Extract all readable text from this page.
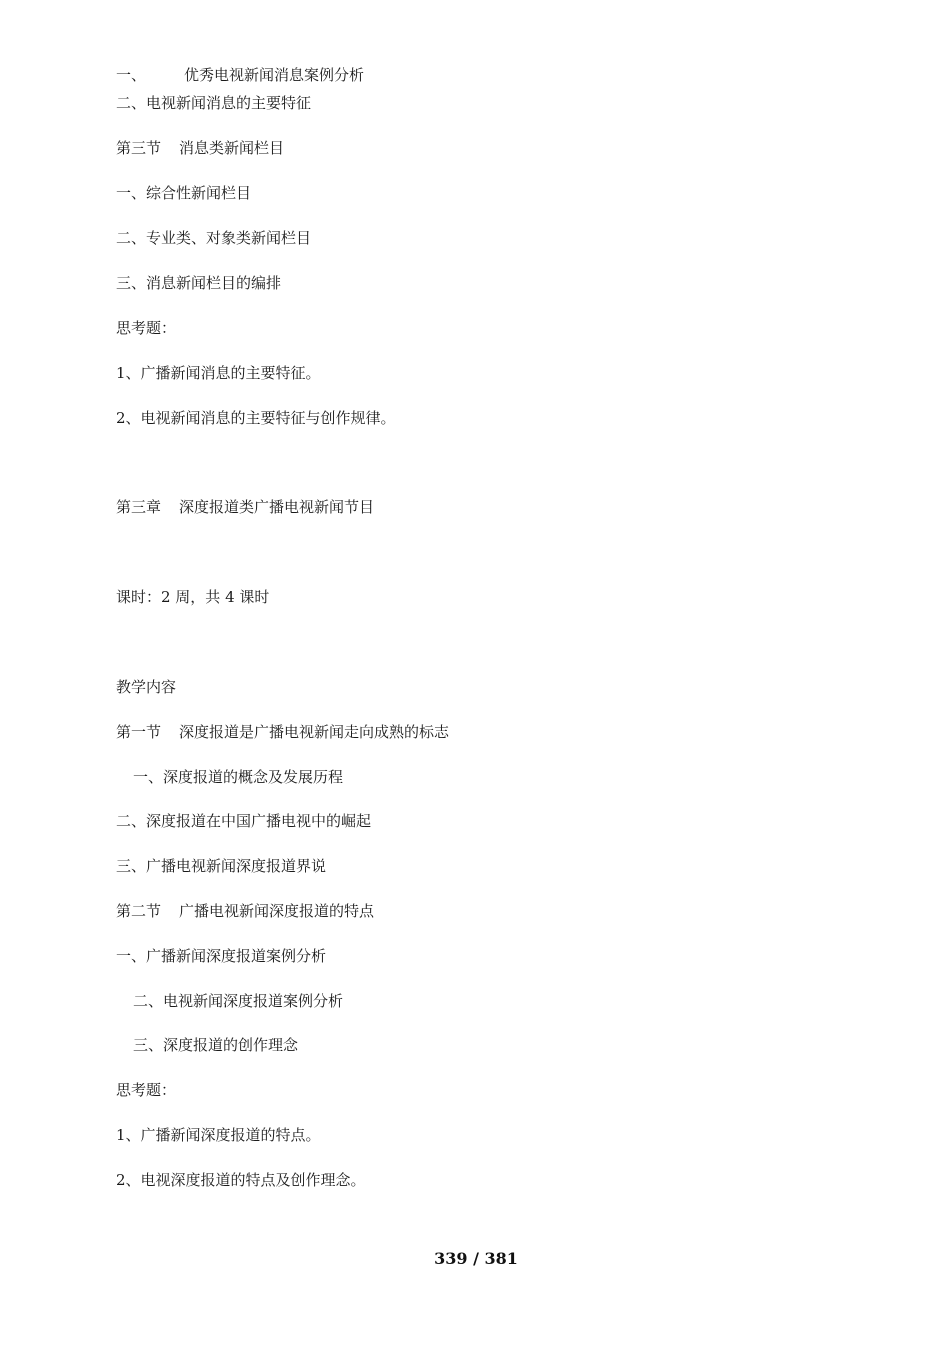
一、	优秀电视新闻消息案例分析
二、电视新闻消息的主要特征
第三节 消息类新闻栏目
一、综合性新闻栏目
二、专业类、对象类新闻栏目
三、消息新闻栏目的编排
思考题：
1、广播新闻消息的主要特征。
2、电视新闻消息的主要特征与创作规律。
第三章 深度报道类广播电视新闻节目
课时：2 周，共 4 课时
教学内容
第一节 深度报道是广播电视新闻走向成熟的标志
一、深度报道的概念及发展历程
二、深度报道在中国广播电视中的崛起
三、广播电视新闻深度报道界说
第二节 广播电视新闻深度报道的特点
一、广播新闻深度报道案例分析
二、电视新闻深度报道案例分析
三、深度报道的创作理念
思考题：
1、广播新闻深度报道的特点。
2、电视深度报道的特点及创作理念。
339 / 381
